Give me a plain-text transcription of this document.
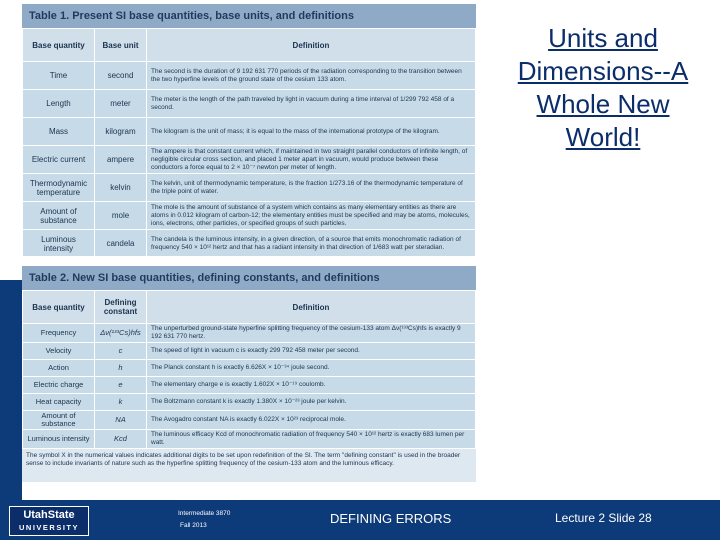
Table 1. Present SI base quantities, base units, and definitions
Base quantity	Base unit	Definition
Time	second	The second is the duration of 9 192 631 770 periods of the radiation corresponding to the transition between the two hyperfine levels of the ground state of the cesium 133 atom.
Length	meter	The meter is the length of the path traveled by light in vacuum during a time interval of 1/299 792 458 of a second.
Mass	kilogram	The kilogram is the unit of mass; it is equal to the mass of the international prototype of the kilogram.
Electric current	ampere	The ampere is that constant current which, if maintained in two straight parallel conductors of infinite length, of negligible circular cross section, and placed 1 meter apart in vacuum, would produce between these conductors a force equal to 2 × 10⁻⁷ newton per meter of length.
Thermodynamic temperature	kelvin	The kelvin, unit of thermodynamic temperature, is the fraction 1/273.16 of the thermodynamic temperature of the triple point of water.
Amount of substance	mole	The mole is the amount of substance of a system which contains as many elementary entities as there are atoms in 0.012 kilogram of carbon-12; the elementary entities must be specified and may be atoms, molecules, ions, electrons, other particles, or specified groups of such particles.
Luminous intensity	candela	The candela is the luminous intensity, in a given direction, of a source that emits monochromatic radiation of frequency 540 × 10¹² hertz and that has a radiant intensity in that direction of 1/683 watt per steradian.
Table 2. New SI base quantities, defining constants, and definitions
Base quantity	Defining constant	Definition
Frequency	Δν(¹³³Cs)hfs	The unperturbed ground-state hyperfine splitting frequency of the cesium-133 atom Δν(¹³³Cs)hfs is exactly 9 192 631 770 hertz.
Velocity	c	The speed of light in vacuum c is exactly 299 792 458 meter per second.
Action	h	The Planck constant h is exactly 6.626X × 10⁻³⁴ joule second.
Electric charge	e	The elementary charge e is exactly 1.602X × 10⁻¹⁹ coulomb.
Heat capacity	k	The Boltzmann constant k is exactly 1.380X × 10⁻²³ joule per kelvin.
Amount of substance	NA	The Avogadro constant NA is exactly 6.022X × 10²³ reciprocal mole.
Luminous intensity	Kcd	The luminous efficacy Kcd of monochromatic radiation of frequency 540 × 10¹² hertz is exactly 683 lumen per watt.
The symbol X in the numerical values indicates additional digits to be set upon redefinition of the SI. The term "defining constant" is used in the broader sense to include invariants of nature such as the hyperfine splitting frequency of the cesium-133 atom and the luminous efficacy.
Units and Dimensions--A Whole New World!
UtahState
UNIVERSITY
Intermediate 3870
Fall 2013	DEFINING ERRORS	Lecture 2 Slide 28
